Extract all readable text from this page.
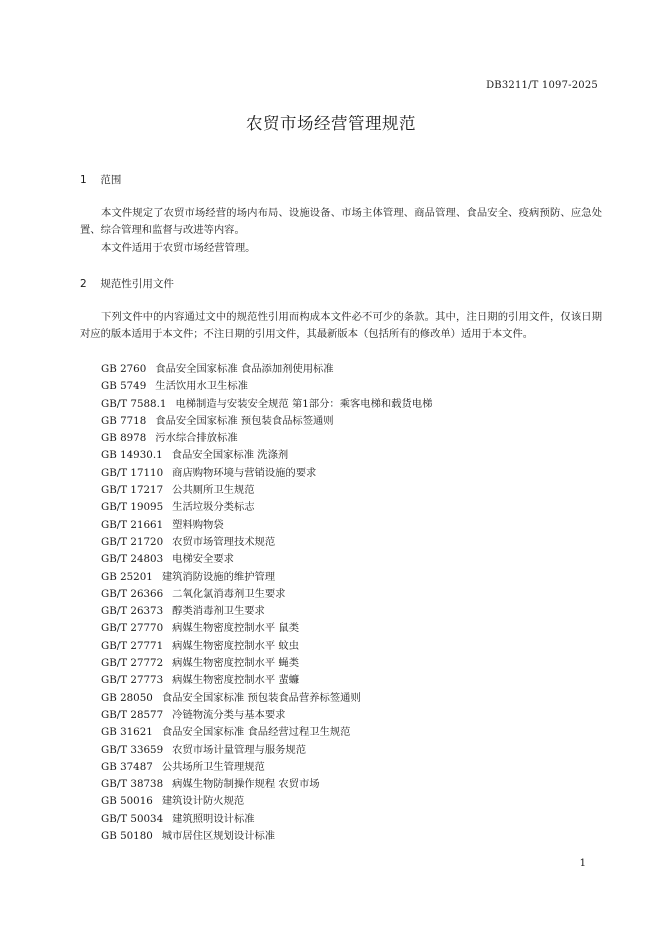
DB3211/T 1097-2025
农贸市场经营管理规范
1 范围
本文件规定了农贸市场经营的场内布局、设施设备、市场主体管理、商品管理、食品安全、疫病预防、应急处置、综合管理和监督与改进等内容。
本文件适用于农贸市场经营管理。
2 规范性引用文件
下列文件中的内容通过文中的规范性引用而构成本文件必不可少的条款。其中，注日期的引用文件，仅该日期对应的版本适用于本文件；不注日期的引用文件，其最新版本（包括所有的修改单）适用于本文件。
GB 2760 食品安全国家标准 食品添加剂使用标准
GB 5749 生活饮用水卫生标准
GB/T 7588.1 电梯制造与安装安全规范 第1部分：乘客电梯和载货电梯
GB 7718 食品安全国家标准 预包装食品标签通则
GB 8978 污水综合排放标准
GB 14930.1 食品安全国家标准 洗涤剂
GB/T 17110 商店购物环境与营销设施的要求
GB/T 17217 公共厕所卫生规范
GB/T 19095 生活垃圾分类标志
GB/T 21661 塑料购物袋
GB/T 21720 农贸市场管理技术规范
GB/T 24803 电梯安全要求
GB 25201 建筑消防设施的维护管理
GB/T 26366 二氧化氯消毒剂卫生要求
GB/T 26373 醇类消毒剂卫生要求
GB/T 27770 病媒生物密度控制水平 鼠类
GB/T 27771 病媒生物密度控制水平 蚊虫
GB/T 27772 病媒生物密度控制水平 蝇类
GB/T 27773 病媒生物密度控制水平 蜚蠊
GB 28050 食品安全国家标准 预包装食品营养标签通则
GB/T 28577 冷链物流分类与基本要求
GB 31621 食品安全国家标准 食品经营过程卫生规范
GB/T 33659 农贸市场计量管理与服务规范
GB 37487 公共场所卫生管理规范
GB/T 38738 病媒生物防制操作规程 农贸市场
GB 50016 建筑设计防火规范
GB/T 50034 建筑照明设计标准
GB 50180 城市居住区规划设计标准
1
